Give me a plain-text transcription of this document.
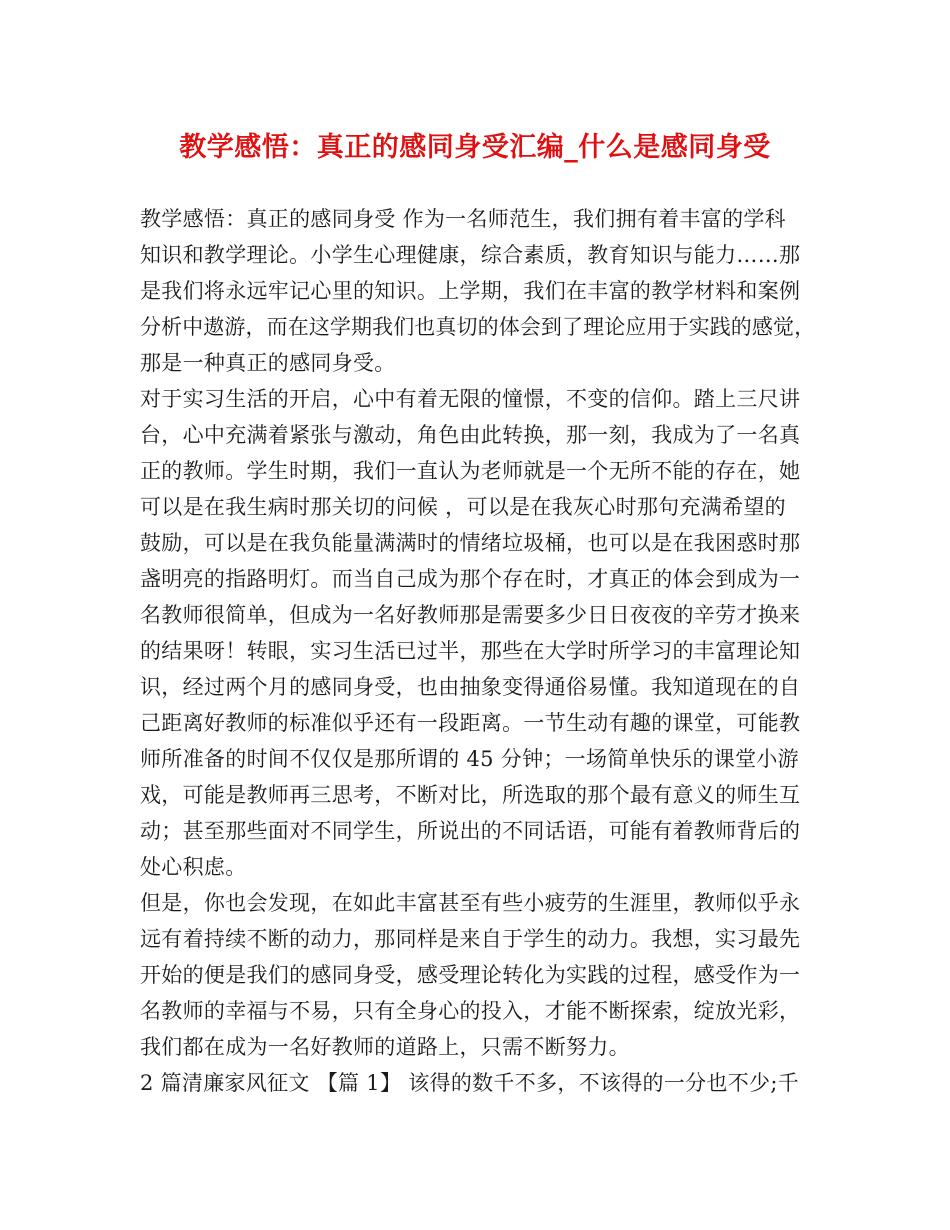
教学感悟：真正的感同身受汇编_什么是感同身受
教学感悟：真正的感同身受 作为一名师范生，我们拥有着丰富的学科
知识和教学理论。小学生心理健康，综合素质，教育知识与能力……那
是我们将永远牢记心里的知识。上学期，我们在丰富的教学材料和案例
分析中遨游，而在这学期我们也真切的体会到了理论应用于实践的感觉，
那是一种真正的感同身受。
对于实习生活的开启，心中有着无限的憧憬，不变的信仰。踏上三尺讲
台，心中充满着紧张与激动，角色由此转换，那一刻，我成为了一名真
正的教师。学生时期，我们一直认为老师就是一个无所不能的存在，她
可以是在我生病时那关切的问候 ，可以是在我灰心时那句充满希望的
鼓励，可以是在我负能量满满时的情绪垃圾桶，也可以是在我困惑时那
盏明亮的指路明灯。而当自己成为那个存在时，才真正的体会到成为一
名教师很简单，但成为一名好教师那是需要多少日日夜夜的辛劳才换来
的结果呀！转眼，实习生活已过半，那些在大学时所学习的丰富理论知
识，经过两个月的感同身受，也由抽象变得通俗易懂。我知道现在的自
己距离好教师的标准似乎还有一段距离。一节生动有趣的课堂，可能教
师所准备的时间不仅仅是那所谓的 45 分钟；一场简单快乐的课堂小游
戏，可能是教师再三思考，不断对比，所选取的那个最有意义的师生互
动；甚至那些面对不同学生，所说出的不同话语，可能有着教师背后的
处心积虑。
但是，你也会发现，在如此丰富甚至有些小疲劳的生涯里，教师似乎永
远有着持续不断的动力，那同样是来自于学生的动力。我想，实习最先
开始的便是我们的感同身受，感受理论转化为实践的过程，感受作为一
名教师的幸福与不易，只有全身心的投入，才能不断探索，绽放光彩，
我们都在成为一名好教师的道路上，只需不断努力。
2 篇清廉家风征文 【篇 1】 该得的数千不多，不该得的一分也不少;千
